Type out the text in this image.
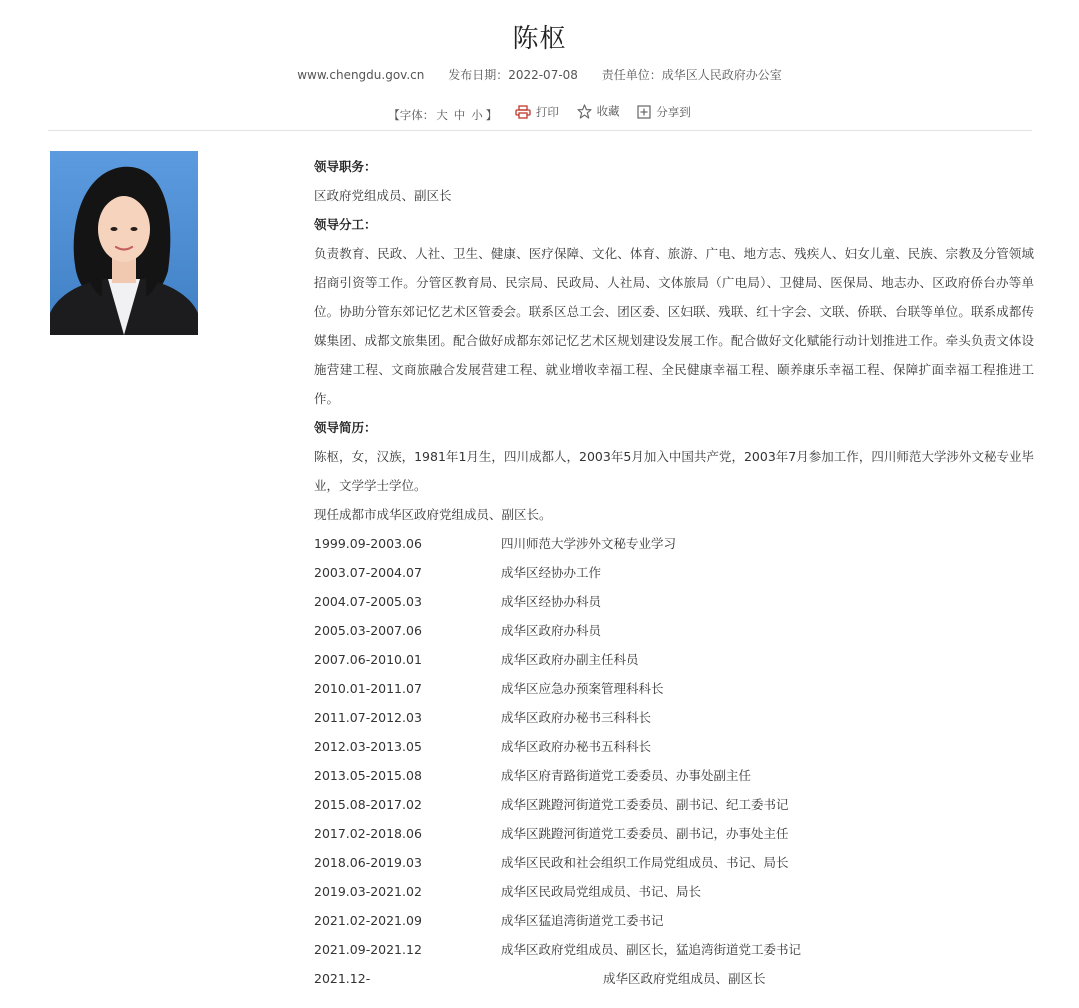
陈枢
www.chengdu.gov.cn 发布日期：2022-07-08 责任单位：成华区人民政府办公室
【字体： 大 中 小 】
	打印
	收藏
	分享到
领导职务：

区政府党组成员、副区长

领导分工：

负责教育、民政、人社、卫生、健康、医疗保障、文化、体育、旅游、广电、地方志、残疾人、妇女儿童、民族、宗教及分管领域招商引资等工作。分管区教育局、民宗局、民政局、人社局、文体旅局（广电局）、卫健局、医保局、地志办、区政府侨台办等单位。协助分管东郊记忆艺术区管委会。联系区总工会、团区委、区妇联、残联、红十字会、文联、侨联、台联等单位。联系成都传媒集团、成都文旅集团。配合做好成都东郊记忆艺术区规划建设发展工作。配合做好文化赋能行动计划推进工作。牵头负责文体设施营建工程、文商旅融合发展营建工程、就业增收幸福工程、全民健康幸福工程、颐养康乐幸福工程、保障扩面幸福工程推进工作。

领导简历：

陈枢，女，汉族，1981年1月生，四川成都人，2003年5月加入中国共产党，2003年7月参加工作，四川师范大学涉外文秘专业毕业，文学学士学位。

现任成都市成华区政府党组成员、副区长。

1999.09-2003.06	四川师范大学涉外文秘专业学习
2003.07-2004.07	成华区经协办工作
2004.07-2005.03	成华区经协办科员
2005.03-2007.06	成华区政府办科员
2007.06-2010.01	成华区政府办副主任科员
2010.01-2011.07	成华区应急办预案管理科科长
2011.07-2012.03	成华区政府办秘书三科科长
2012.03-2013.05	成华区政府办秘书五科科长
2013.05-2015.08	成华区府青路街道党工委委员、办事处副主任
2015.08-2017.02	成华区跳蹬河街道党工委委员、副书记、纪工委书记
2017.02-2018.06	成华区跳蹬河街道党工委委员、副书记，办事处主任
2018.06-2019.03	成华区民政和社会组织工作局党组成员、书记、局长
2019.03-2021.02	成华区民政局党组成员、书记、局长
2021.02-2021.09	成华区猛追湾街道党工委书记
2021.09-2021.12	成华区政府党组成员、副区长，猛追湾街道党工委书记
2021.12-	成华区政府党组成员、副区长
